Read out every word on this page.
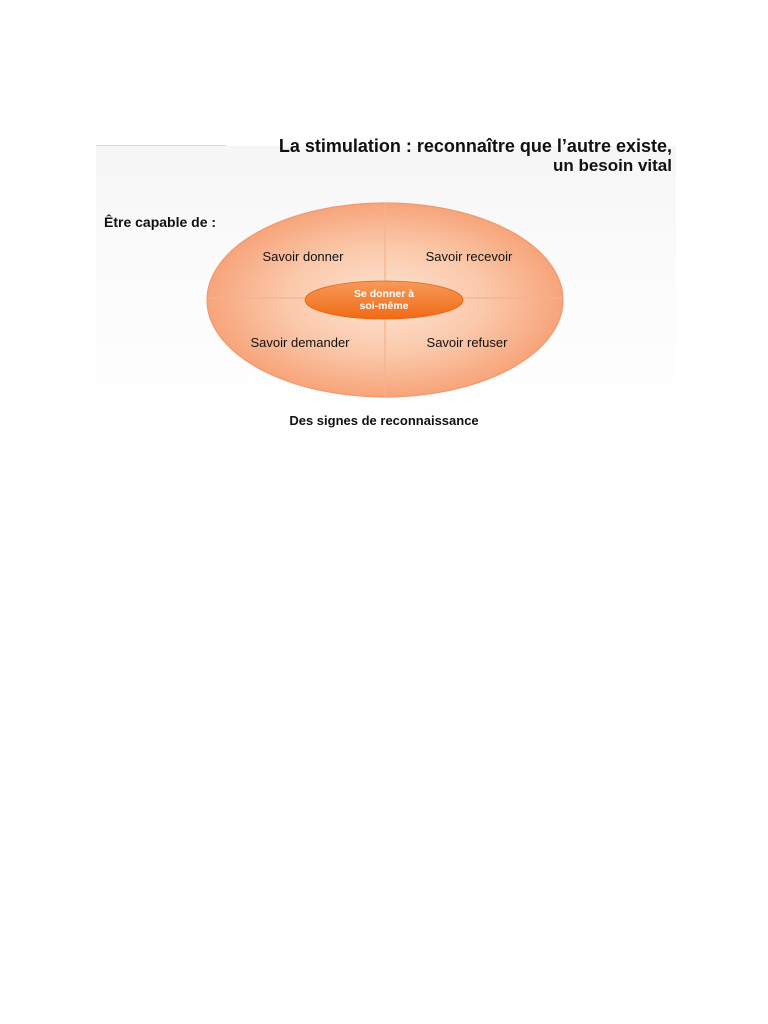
La stimulation : reconnaître que l’autre existe,
un besoin vital
Être capable de :
Savoir donner	Savoir recevoir
Savoir demander	Savoir refuser
Se donner à
soi-même
Des signes de reconnaissance
